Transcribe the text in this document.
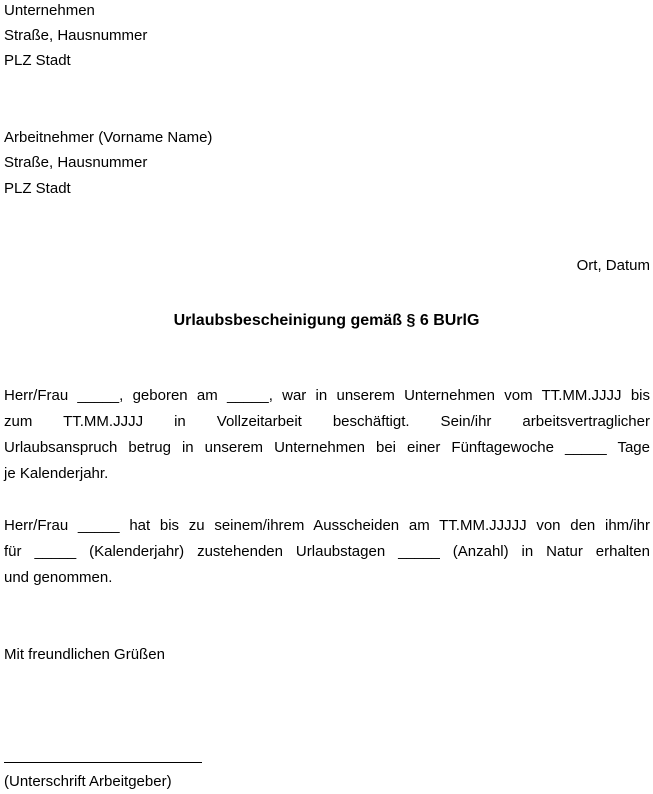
Unternehmen
Straße, Hausnummer
PLZ Stadt
Arbeitnehmer (Vorname Name)
Straße, Hausnummer
PLZ Stadt
Ort, Datum
Urlaubsbescheinigung gemäß § 6 BUrlG
Herr/Frau _____, geboren am _____, war in unserem Unternehmen vom TT.MM.JJJJ bis
zum TT.MM.JJJJ in Vollzeitarbeit beschäftigt. Sein/ihr arbeitsvertraglicher
Urlaubsanspruch betrug in unserem Unternehmen bei einer Fünftagewoche _____ Tage
je Kalenderjahr.
Herr/Frau _____ hat bis zu seinem/ihrem Ausscheiden am TT.MM.JJJJJ von den ihm/ihr
für _____ (Kalenderjahr) zustehenden Urlaubstagen _____ (Anzahl) in Natur erhalten
und genommen.
Mit freundlichen Grüßen
(Unterschrift Arbeitgeber)
